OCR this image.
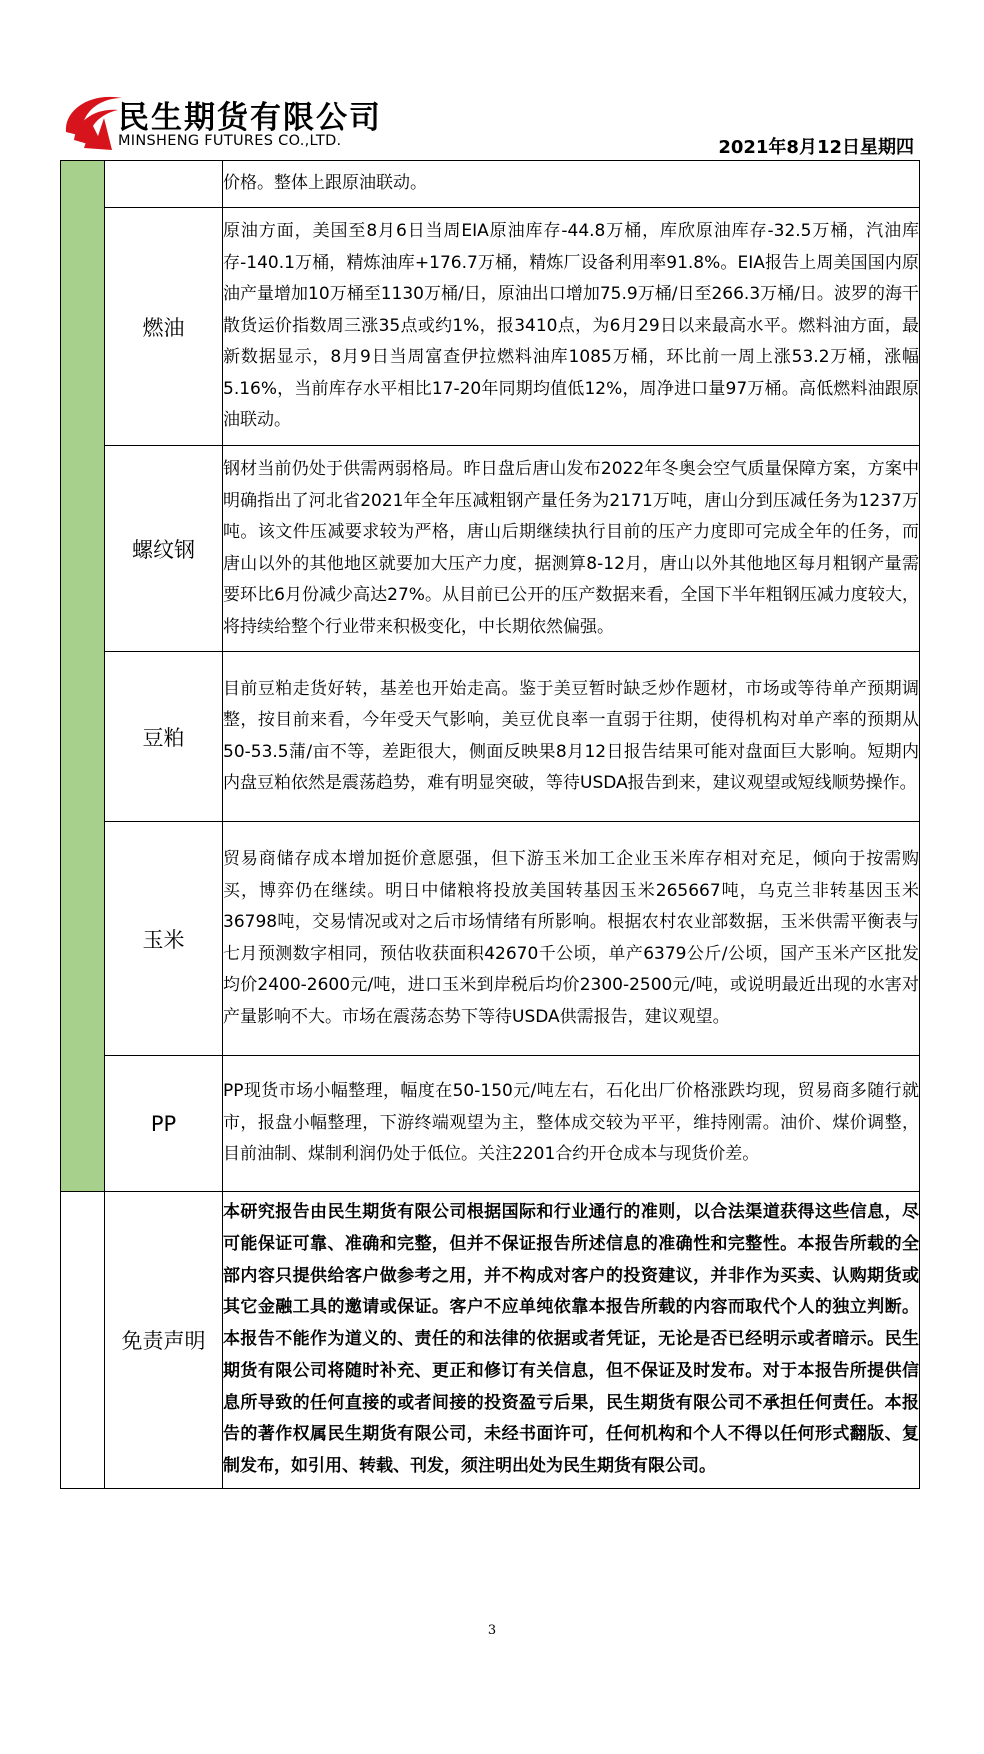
民生期货有限公司
MINSHENG FUTURES CO.,LTD.	2021年8月12日星期四
		价格。整体上跟原油联动。
	燃油	原油方面，美国至8月6日当周EIA原油库存-44.8万桶，库欣原油库存-32.5万桶，汽油库存-140.1万桶，精炼油库+176.7万桶，精炼厂设备利用率91.8%。EIA报告上周美国国内原油产量增加10万桶至1130万桶/日，原油出口增加75.9万桶/日至266.3万桶/日。波罗的海干散货运价指数周三涨35点或约1%，报3410点，为6月29日以来最高水平。燃料油方面，最新数据显示，8月9日当周富查伊拉燃料油库1085万桶，环比前一周上涨53.2万桶，涨幅5.16%，当前库存水平相比17-20年同期均值低12%，周净进口量97万桶。高低燃料油跟原油联动。
	螺纹钢	钢材当前仍处于供需两弱格局。昨日盘后唐山发布2022年冬奥会空气质量保障方案，方案中明确指出了河北省2021年全年压减粗钢产量任务为2171万吨，唐山分到压减任务为1237万吨。该文件压减要求较为严格，唐山后期继续执行目前的压产力度即可完成全年的任务，而唐山以外的其他地区就要加大压产力度，据测算8-12月，唐山以外其他地区每月粗钢产量需要环比6月份减少高达27%。从目前已公开的压产数据来看，全国下半年粗钢压减力度较大，将持续给整个行业带来积极变化，中长期依然偏强。
	豆粕	目前豆粕走货好转，基差也开始走高。鉴于美豆暂时缺乏炒作题材，市场或等待单产预期调整，按目前来看，今年受天气影响，美豆优良率一直弱于往期，使得机构对单产率的预期从50-53.5蒲/亩不等，差距很大，侧面反映果8月12日报告结果可能对盘面巨大影响。短期内内盘豆粕依然是震荡趋势，难有明显突破，等待USDA报告到来，建议观望或短线顺势操作。
	玉米	贸易商储存成本增加挺价意愿强，但下游玉米加工企业玉米库存相对充足，倾向于按需购买，博弈仍在继续。明日中储粮将投放美国转基因玉米265667吨，乌克兰非转基因玉米36798吨，交易情况或对之后市场情绪有所影响。根据农村农业部数据，玉米供需平衡表与七月预测数字相同，预估收获面积42670千公顷，单产6379公斤/公顷，国产玉米产区批发均价2400-2600元/吨，进口玉米到岸税后均价2300-2500元/吨，或说明最近出现的水害对产量影响不大。市场在震荡态势下等待USDA供需报告，建议观望。
	PP	PP现货市场小幅整理，幅度在50-150元/吨左右，石化出厂价格涨跌均现，贸易商多随行就市，报盘小幅整理，下游终端观望为主，整体成交较为平平，维持刚需。油价、煤价调整，目前油制、煤制利润仍处于低位。关注2201合约开仓成本与现货价差。
	免责声明	本研究报告由民生期货有限公司根据国际和行业通行的准则，以合法渠道获得这些信息，尽可能保证可靠、准确和完整，但并不保证报告所述信息的准确性和完整性。本报告所载的全部内容只提供给客户做参考之用，并不构成对客户的投资建议，并非作为买卖、认购期货或其它金融工具的邀请或保证。客户不应单纯依靠本报告所载的内容而取代个人的独立判断。本报告不能作为道义的、责任的和法律的依据或者凭证，无论是否已经明示或者暗示。民生期货有限公司将随时补充、更正和修订有关信息，但不保证及时发布。对于本报告所提供信息所导致的任何直接的或者间接的投资盈亏后果，民生期货有限公司不承担任何责任。本报告的著作权属民生期货有限公司，未经书面许可，任何机构和个人不得以任何形式翻版、复制发布，如引用、转载、刊发，须注明出处为民生期货有限公司。
3
